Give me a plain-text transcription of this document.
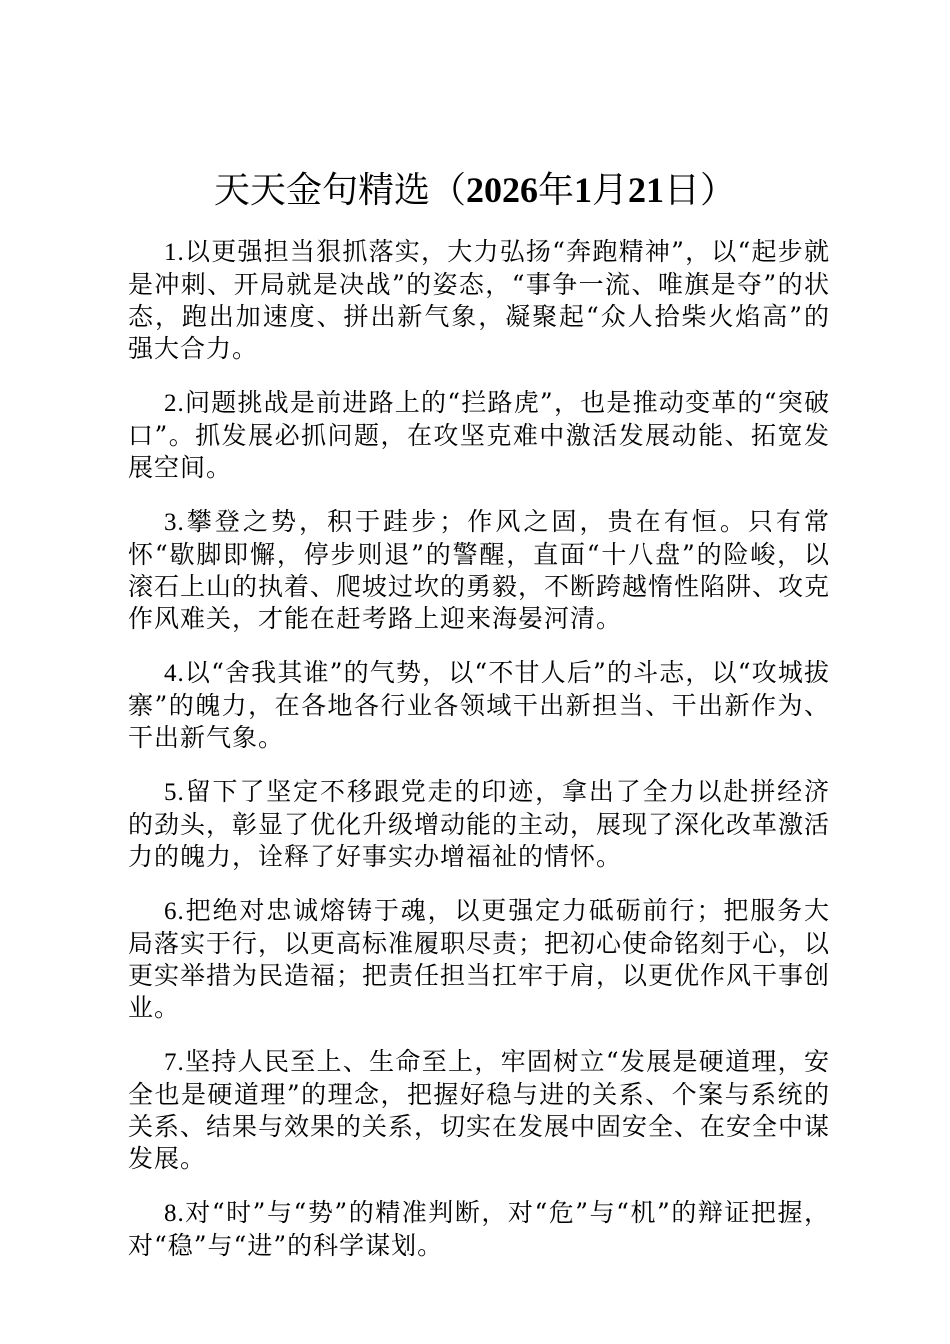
天天金句精选（2026年1月21日）

1.以更强担当狠抓落实，大力弘扬“奔跑精神”，以“起步就是冲刺、开局就是决战”的姿态，“事争一流、唯旗是夺”的状态，跑出加速度、拼出新气象，凝聚起“众人拾柴火焰高”的强大合力。

2.问题挑战是前进路上的“拦路虎”，也是推动变革的“突破口”。抓发展必抓问题，在攻坚克难中激活发展动能、拓宽发展空间。

3.攀登之势，积于跬步；作风之固，贵在有恒。只有常怀“歇脚即懈，停步则退”的警醒，直面“十八盘”的险峻，以滚石上山的执着、爬坡过坎的勇毅，不断跨越惰性陷阱、攻克作风难关，才能在赶考路上迎来海晏河清。

4.以“舍我其谁”的气势，以“不甘人后”的斗志，以“攻城拔寨”的魄力，在各地各行业各领域干出新担当、干出新作为、干出新气象。

5.留下了坚定不移跟党走的印迹，拿出了全力以赴拼经济的劲头，彰显了优化升级增动能的主动，展现了深化改革激活力的魄力，诠释了好事实办增福祉的情怀。

6.把绝对忠诚熔铸于魂，以更强定力砥砺前行；把服务大局落实于行，以更高标准履职尽责；把初心使命铭刻于心，以更实举措为民造福；把责任担当扛牢于肩，以更优作风干事创业。

7.坚持人民至上、生命至上，牢固树立“发展是硬道理，安全也是硬道理”的理念，把握好稳与进的关系、个案与系统的关系、结果与效果的关系，切实在发展中固安全、在安全中谋发展。

8.对“时”与“势”的精准判断，对“危”与“机”的辩证把握，对“稳”与“进”的科学谋划。
